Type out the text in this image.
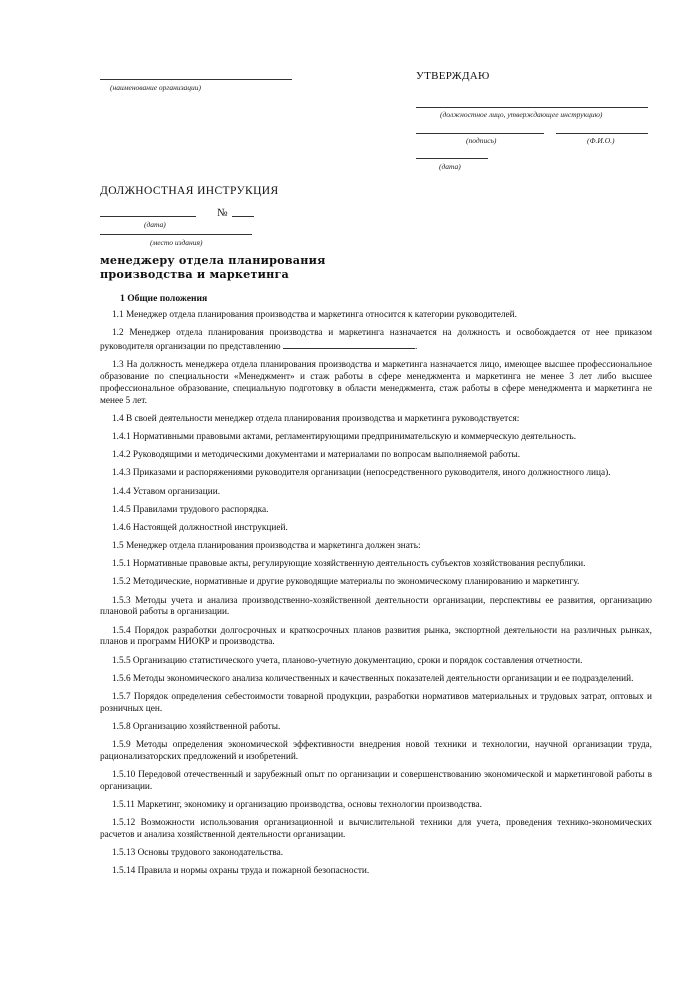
(наименование организации)
УТВЕРЖДАЮ
(должностное лицо, утверждающее инструкцию)
(подпись)	(Ф.И.О.)
(дата)
ДОЛЖНОСТНАЯ ИНСТРУКЦИЯ
№
(дата)
(место издания)
менеджеру отдела планирования
производства и маркетинга
1 Общие положения

1.1 Менеджер отдела планирования производства и маркетинга относится к категории руководителей.

1.2 Менеджер отдела планирования производства и маркетинга назначается на должность и освобождается от нее приказом руководителя организации по представлению	.

1.3 На должность менеджера отдела планирования производства и маркетинга назначается лицо, имеющее высшее профессиональное образование по специальности «Менеджмент» и стаж работы в сфере менеджмента и маркетинга не менее 3 лет либо высшее профессиональное образование, специальную подготовку в области менеджмента, стаж работы в сфере менеджмента и маркетинга не менее 5 лет.

1.4 В своей деятельности менеджер отдела планирования производства и маркетинга руководствуется:

1.4.1 Нормативными правовыми актами, регламентирующими предпринимательскую и коммерческую деятельность.

1.4.2 Руководящими и методическими документами и материалами по вопросам выполняемой работы.

1.4.3 Приказами и распоряжениями руководителя организации (непосредственного руководителя, иного должностного лица).

1.4.4 Уставом организации.

1.4.5 Правилами трудового распорядка.

1.4.6 Настоящей должностной инструкцией.

1.5 Менеджер отдела планирования производства и маркетинга должен знать:

1.5.1 Нормативные правовые акты, регулирующие хозяйственную деятельность субъектов хозяйствования республики.

1.5.2 Методические, нормативные и другие руководящие материалы по экономическому планированию и маркетингу.

1.5.3 Методы учета и анализа производственно-хозяйственной деятельности организации, перспективы ее развития, организацию плановой работы в организации.

1.5.4 Порядок разработки долгосрочных и краткосрочных планов развития рынка, экспортной деятельности на различных рынках, планов и программ НИОКР и производства.

1.5.5 Организацию статистического учета, планово-учетную документацию, сроки и порядок составления отчетности.

1.5.6 Методы экономического анализа количественных и качественных показателей деятельности организации и ее подразделений.

1.5.7 Порядок определения себестоимости товарной продукции, разработки нормативов материальных и трудовых затрат, оптовых и розничных цен.

1.5.8 Организацию хозяйственной работы.

1.5.9 Методы определения экономической эффективности внедрения новой техники и технологии, научной организации труда, рационализаторских предложений и изобретений.

1.5.10 Передовой отечественный и зарубежный опыт по организации и совершенствованию экономической и маркетинговой работы в организации.

1.5.11 Маркетинг, экономику и организацию производства, основы технологии производства.

1.5.12 Возможности использования организационной и вычислительной техники для учета, проведения технико-экономических расчетов и анализа хозяйственной деятельности организации.

1.5.13 Основы трудового законодательства.

1.5.14 Правила и нормы охраны труда и пожарной безопасности.
